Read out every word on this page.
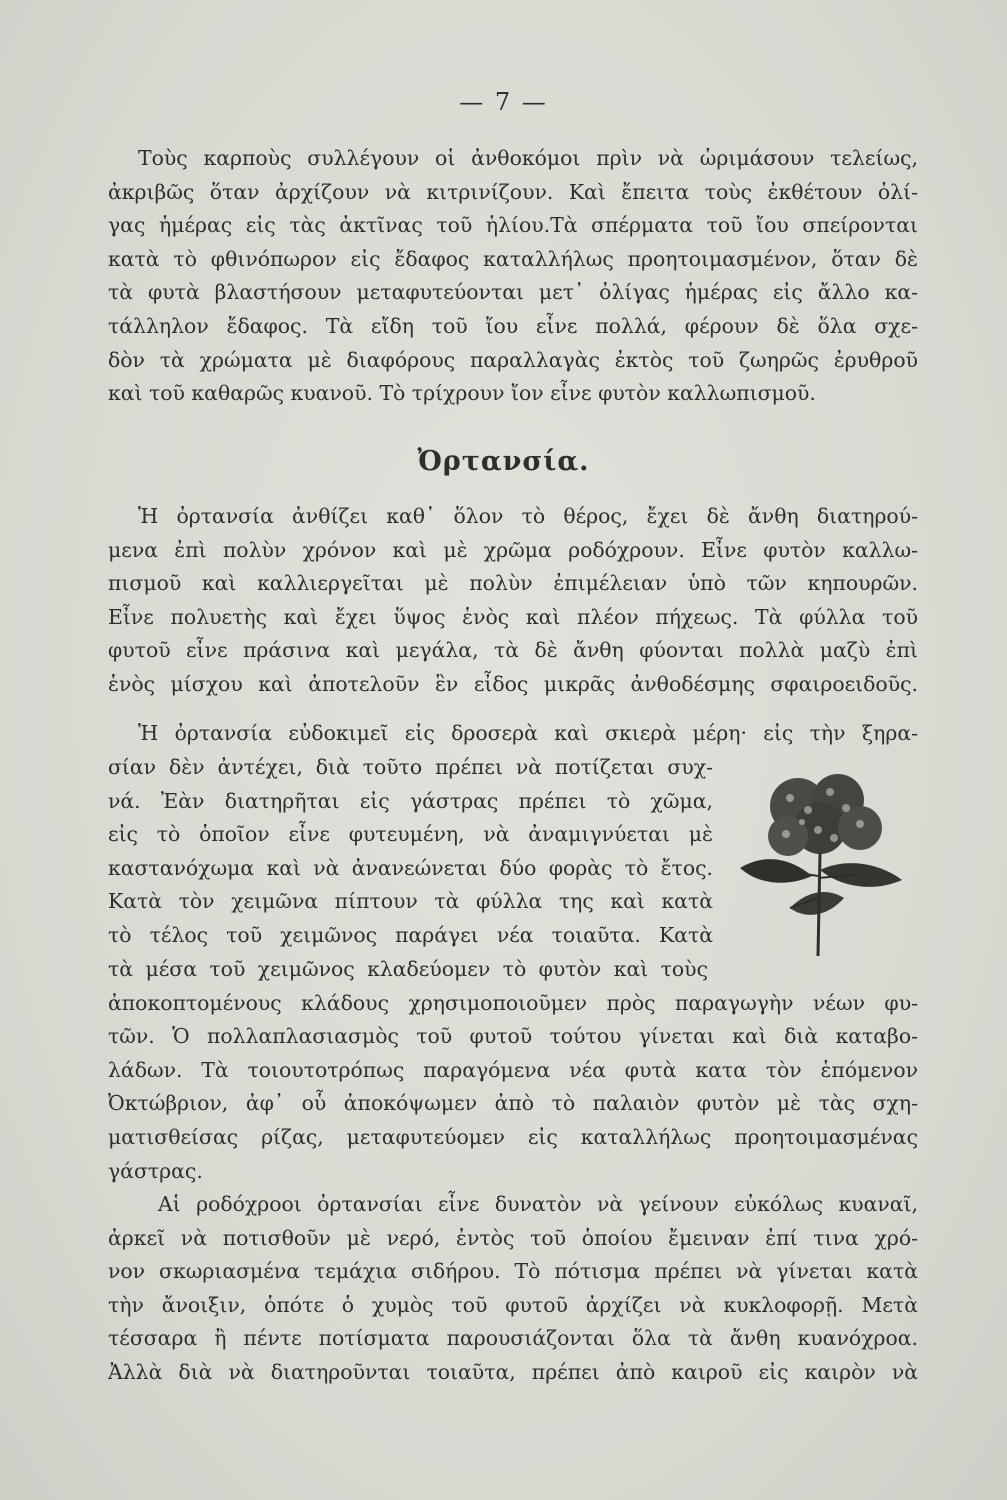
— 7 —
Τοὺς καρποὺς συλλέγουν οἱ ἀνθοκόμοι πρὶν νὰ ὡριμάσουν τελείως,
ἀκριβῶς ὅταν ἀρχίζουν νὰ κιτρινίζουν. Καὶ ἔπειτα τοὺς ἐκθέτουν ὀλί-
γας ἡμέρας εἰς τὰς ἀκτῖνας τοῦ ἡλίου.Τὰ σπέρματα τοῦ ἴου σπείρονται
κατὰ τὸ φθινόπωρον εἰς ἔδαφος καταλλήλως προητοιμασμένον, ὅταν δὲ
τὰ φυτὰ βλαστήσουν μεταφυτεύονται μετ᾽ ὀλίγας ἡμέρας εἰς ἄλλο κα-
τάλληλον ἔδαφος. Τὰ εἴδη τοῦ ἴου εἶνε πολλά, φέρουν δὲ ὅλα σχε-
δὸν τὰ χρώματα μὲ διαφόρους παραλλαγὰς ἐκτὸς τοῦ ζωηρῶς ἐρυθροῦ
καὶ τοῦ καθαρῶς κυανοῦ. Τὸ τρίχρουν ἴον εἶνε φυτὸν καλλωπισμοῦ.
Ὀρτανσία.
Ἡ ὀρτανσία ἀνθίζει καθ᾽ ὅλον τὸ θέρος, ἔχει δὲ ἄνθη διατηρού-
μενα ἐπὶ πολὺν χρόνον καὶ μὲ χρῶμα ροδόχρουν. Εἶνε φυτὸν καλλω-
πισμοῦ καὶ καλλιεργεῖται μὲ πολὺν ἐπιμέλειαν ὑπὸ τῶν κηπουρῶν.
Εἶνε πολυετὴς καὶ ἔχει ὕψος ἑνὸς καὶ πλέον πήχεως. Τὰ φύλλα τοῦ
φυτοῦ εἶνε πράσινα καὶ μεγάλα, τὰ δὲ ἄνθη φύονται πολλὰ μαζὺ ἐπὶ
ἑνὸς μίσχου καὶ ἀποτελοῦν ἓν εἶδος μικρᾶς ἀνθοδέσμης σφαιροειδοῦς.
Ἡ ὀρτανσία εὐδοκιμεῖ εἰς δροσερὰ καὶ σκιερὰ μέρη· εἰς τὴν ξηρα-
σίαν δὲν ἀντέχει, διὰ τοῦτο πρέπει νὰ ποτίζεται συχ-
νά. Ἐὰν διατηρῆται εἰς γάστρας πρέπει τὸ χῶμα,
εἰς τὸ ὁποῖον εἶνε φυτευμένη, νὰ ἀναμιγνύεται μὲ
καστανόχωμα καὶ νὰ ἀνανεώνεται δύο φορὰς τὸ ἔτος.
Κατὰ τὸν χειμῶνα πίπτουν τὰ φύλλα της καὶ κατὰ
τὸ τέλος τοῦ χειμῶνος παράγει νέα τοιαῦτα. Κατὰ
τὰ μέσα τοῦ χειμῶνος κλαδεύομεν τὸ φυτὸν καὶ τοὺς
ἀποκοπτομένους κλάδους χρησιμοποιοῦμεν πρὸς παραγωγὴν νέων φυ-
τῶν. Ὁ πολλαπλασιασμὸς τοῦ φυτοῦ τούτου γίνεται καὶ διὰ καταβο-
λάδων. Τὰ τοιουτοτρόπως παραγόμενα νέα φυτὰ κατα τὸν ἑπόμενον
Ὀκτώβριον, ἀφ᾽ οὗ ἀποκόψωμεν ἀπὸ τὸ παλαιὸν φυτὸν μὲ τὰς σχη-
ματισθείσας ρίζας, μεταφυτεύομεν εἰς καταλλήλως προητοιμασμένας
γάστρας.
Αἱ ροδόχροοι ὀρτανσίαι εἶνε δυνατὸν νὰ γείνουν εὐκόλως κυαναῖ,
ἀρκεῖ νὰ ποτισθοῦν μὲ νερό, ἐντὸς τοῦ ὁποίου ἔμειναν ἐπί τινα χρό-
νον σκωριασμένα τεμάχια σιδήρου. Τὸ πότισμα πρέπει νὰ γίνεται κατὰ
τὴν ἄνοιξιν, ὁπότε ὁ χυμὸς τοῦ φυτοῦ ἀρχίζει νὰ κυκλοφορῇ. Μετὰ
τέσσαρα ἢ πέντε ποτίσματα παρουσιάζονται ὅλα τὰ ἄνθη κυανόχροα.
Ἀλλὰ διὰ νὰ διατηροῦνται τοιαῦτα, πρέπει ἀπὸ καιροῦ εἰς καιρὸν νὰ
